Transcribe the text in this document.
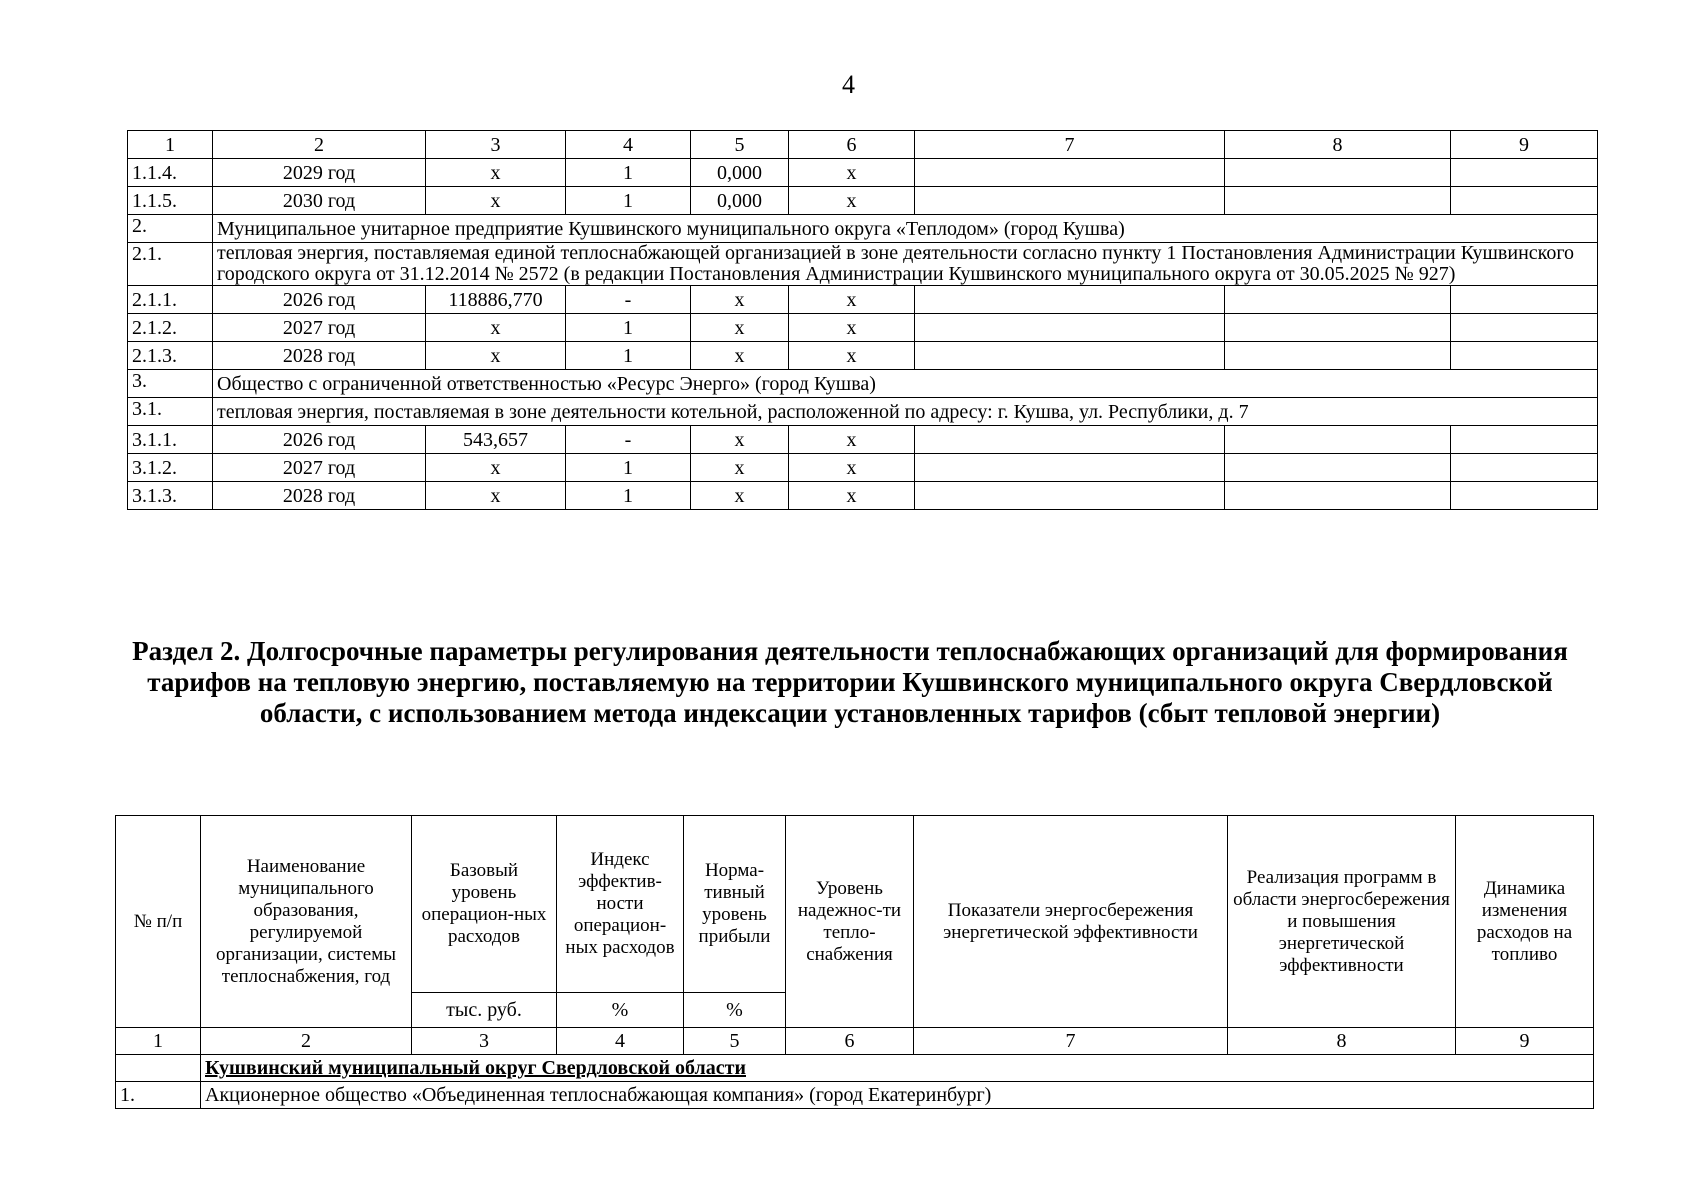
4
1	2	3	4	5	6	7	8	9
1.1.4.	2029 год	x	1	0,000	x			
1.1.5.	2030 год	x	1	0,000	x			
2.	Муниципальное унитарное предприятие Кушвинского муниципального округа «Теплодом» (город Кушва)							
2.1.	тепловая энергия, поставляемая единой теплоснабжающей организацией в зоне деятельности согласно пункту 1 Постановления Администрации Кушвинского городского округа от 31.12.2014 № 2572 (в редакции Постановления Администрации Кушвинского муниципального округа от 30.05.2025 № 927)							
2.1.1.	2026 год	118886,770	-	x	x			
2.1.2.	2027 год	x	1	x	x			
2.1.3.	2028 год	x	1	x	x			
3.	Общество с ограниченной ответственностью «Ресурс Энерго» (город Кушва)							
3.1.	тепловая энергия, поставляемая в зоне деятельности котельной, расположенной по адресу: г. Кушва, ул. Республики, д. 7							
3.1.1.	2026 год	543,657	-	x	x			
3.1.2.	2027 год	x	1	x	x			
3.1.3.	2028 год	x	1	x	x			
Раздел 2. Долгосрочные параметры регулирования деятельности теплоснабжающих организаций для формирования тарифов на тепловую энергию, поставляемую на территории Кушвинского муниципального округа Свердловской области, с использованием метода индексации установленных тарифов (сбыт тепловой энергии)
№ п/п	Наименование муниципального образования, регулируемой организации, системы теплоснабжения, год	Базовый уровень операцион-ных расходов	Индекс эффектив-ности операцион-ных расходов	Норма-тивный уровень прибыли	Уровень надежнос-ти тепло-снабжения	Показатели энергосбережения энергетической эффективности	Реализация программ в области энергосбережения и повышения энергетической эффективности	Динамика изменения расходов на топливо
		тыс. руб.	%	%				
1	2	3	4	5	6	7	8	9
	Кушвинский муниципальный округ Свердловской области							
1.	Акционерное общество «Объединенная теплоснабжающая компания» (город Екатеринбург)							
